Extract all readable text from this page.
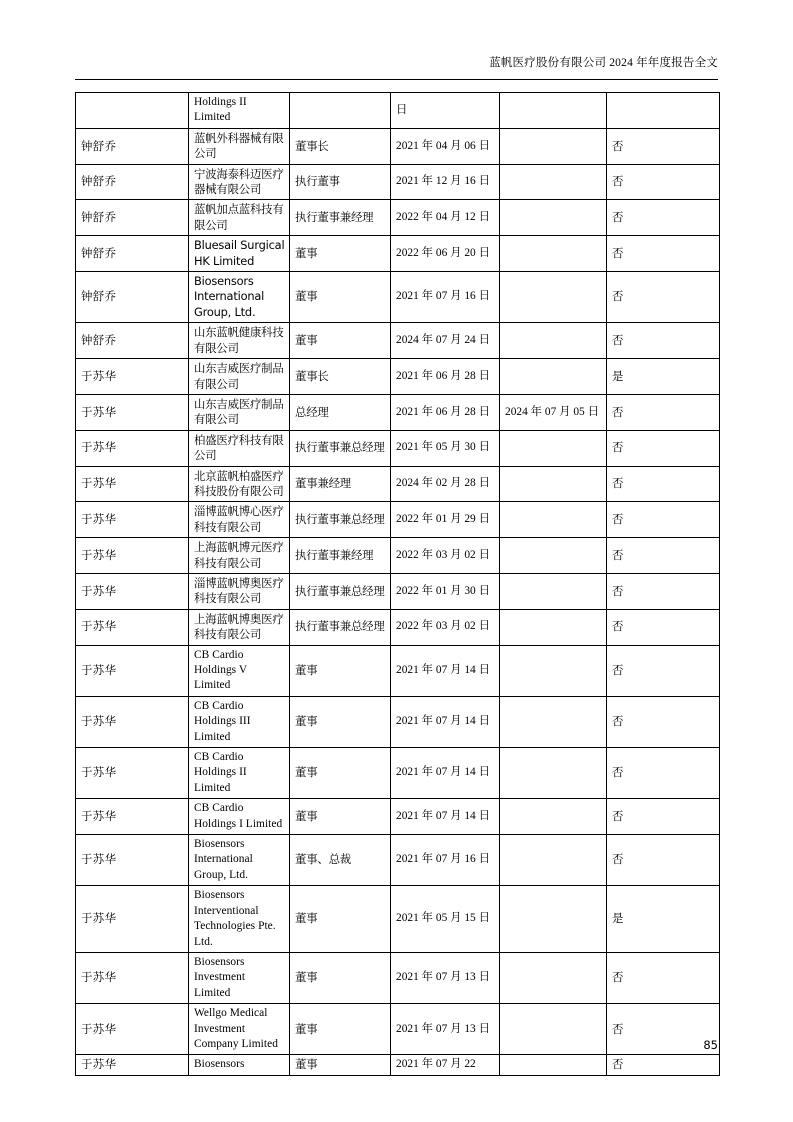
蓝帆医疗股份有限公司 2024 年年度报告全文

	Holdings II
Limited		日		
钟舒乔	蓝帆外科器械有限公司	董事长	2021 年 04 月 06 日		否
钟舒乔	宁波海泰科迈医疗器械有限公司	执行董事	2021 年 12 月 16 日		否
钟舒乔	蓝帆加点蓝科技有限公司	执行董事兼经理	2022 年 04 月 12 日		否
钟舒乔	Bluesail Surgical HK Limited	董事	2022 年 06 月 20 日		否
钟舒乔	Biosensors International Group, Ltd.	董事	2021 年 07 月 16 日		否
钟舒乔	山东蓝帆健康科技有限公司	董事	2024 年 07 月 24 日		否
于苏华	山东吉威医疗制品有限公司	董事长	2021 年 06 月 28 日		是
于苏华	山东吉威医疗制品有限公司	总经理	2021 年 06 月 28 日	2024 年 07 月 05 日	否
于苏华	柏盛医疗科技有限公司	执行董事兼总经理	2021 年 05 月 30 日		否
于苏华	北京蓝帆柏盛医疗科技股份有限公司	董事兼经理	2024 年 02 月 28 日		否
于苏华	淄博蓝帆博心医疗科技有限公司	执行董事兼总经理	2022 年 01 月 29 日		否
于苏华	上海蓝帆博元医疗科技有限公司	执行董事兼经理	2022 年 03 月 02 日		否
于苏华	淄博蓝帆博奥医疗科技有限公司	执行董事兼总经理	2022 年 01 月 30 日		否
于苏华	上海蓝帆博奥医疗科技有限公司	执行董事兼总经理	2022 年 03 月 02 日		否
于苏华	CB Cardio
Holdings V
Limited	董事	2021 年 07 月 14 日		否
于苏华	CB Cardio
Holdings III
Limited	董事	2021 年 07 月 14 日		否
于苏华	CB Cardio
Holdings II
Limited	董事	2021 年 07 月 14 日		否
于苏华	CB Cardio
Holdings I Limited	董事	2021 年 07 月 14 日		否
于苏华	Biosensors
International
Group, Ltd.	董事、总裁	2021 年 07 月 16 日		否
于苏华	Biosensors
Interventional
Technologies Pte.
Ltd.	董事	2021 年 05 月 15 日		是
于苏华	Biosensors
Investment
Limited	董事	2021 年 07 月 13 日		否
于苏华	Wellgo Medical
Investment
Company Limited	董事	2021 年 07 月 13 日		否
于苏华	Biosensors	董事	2021 年 07 月 22		否
85
